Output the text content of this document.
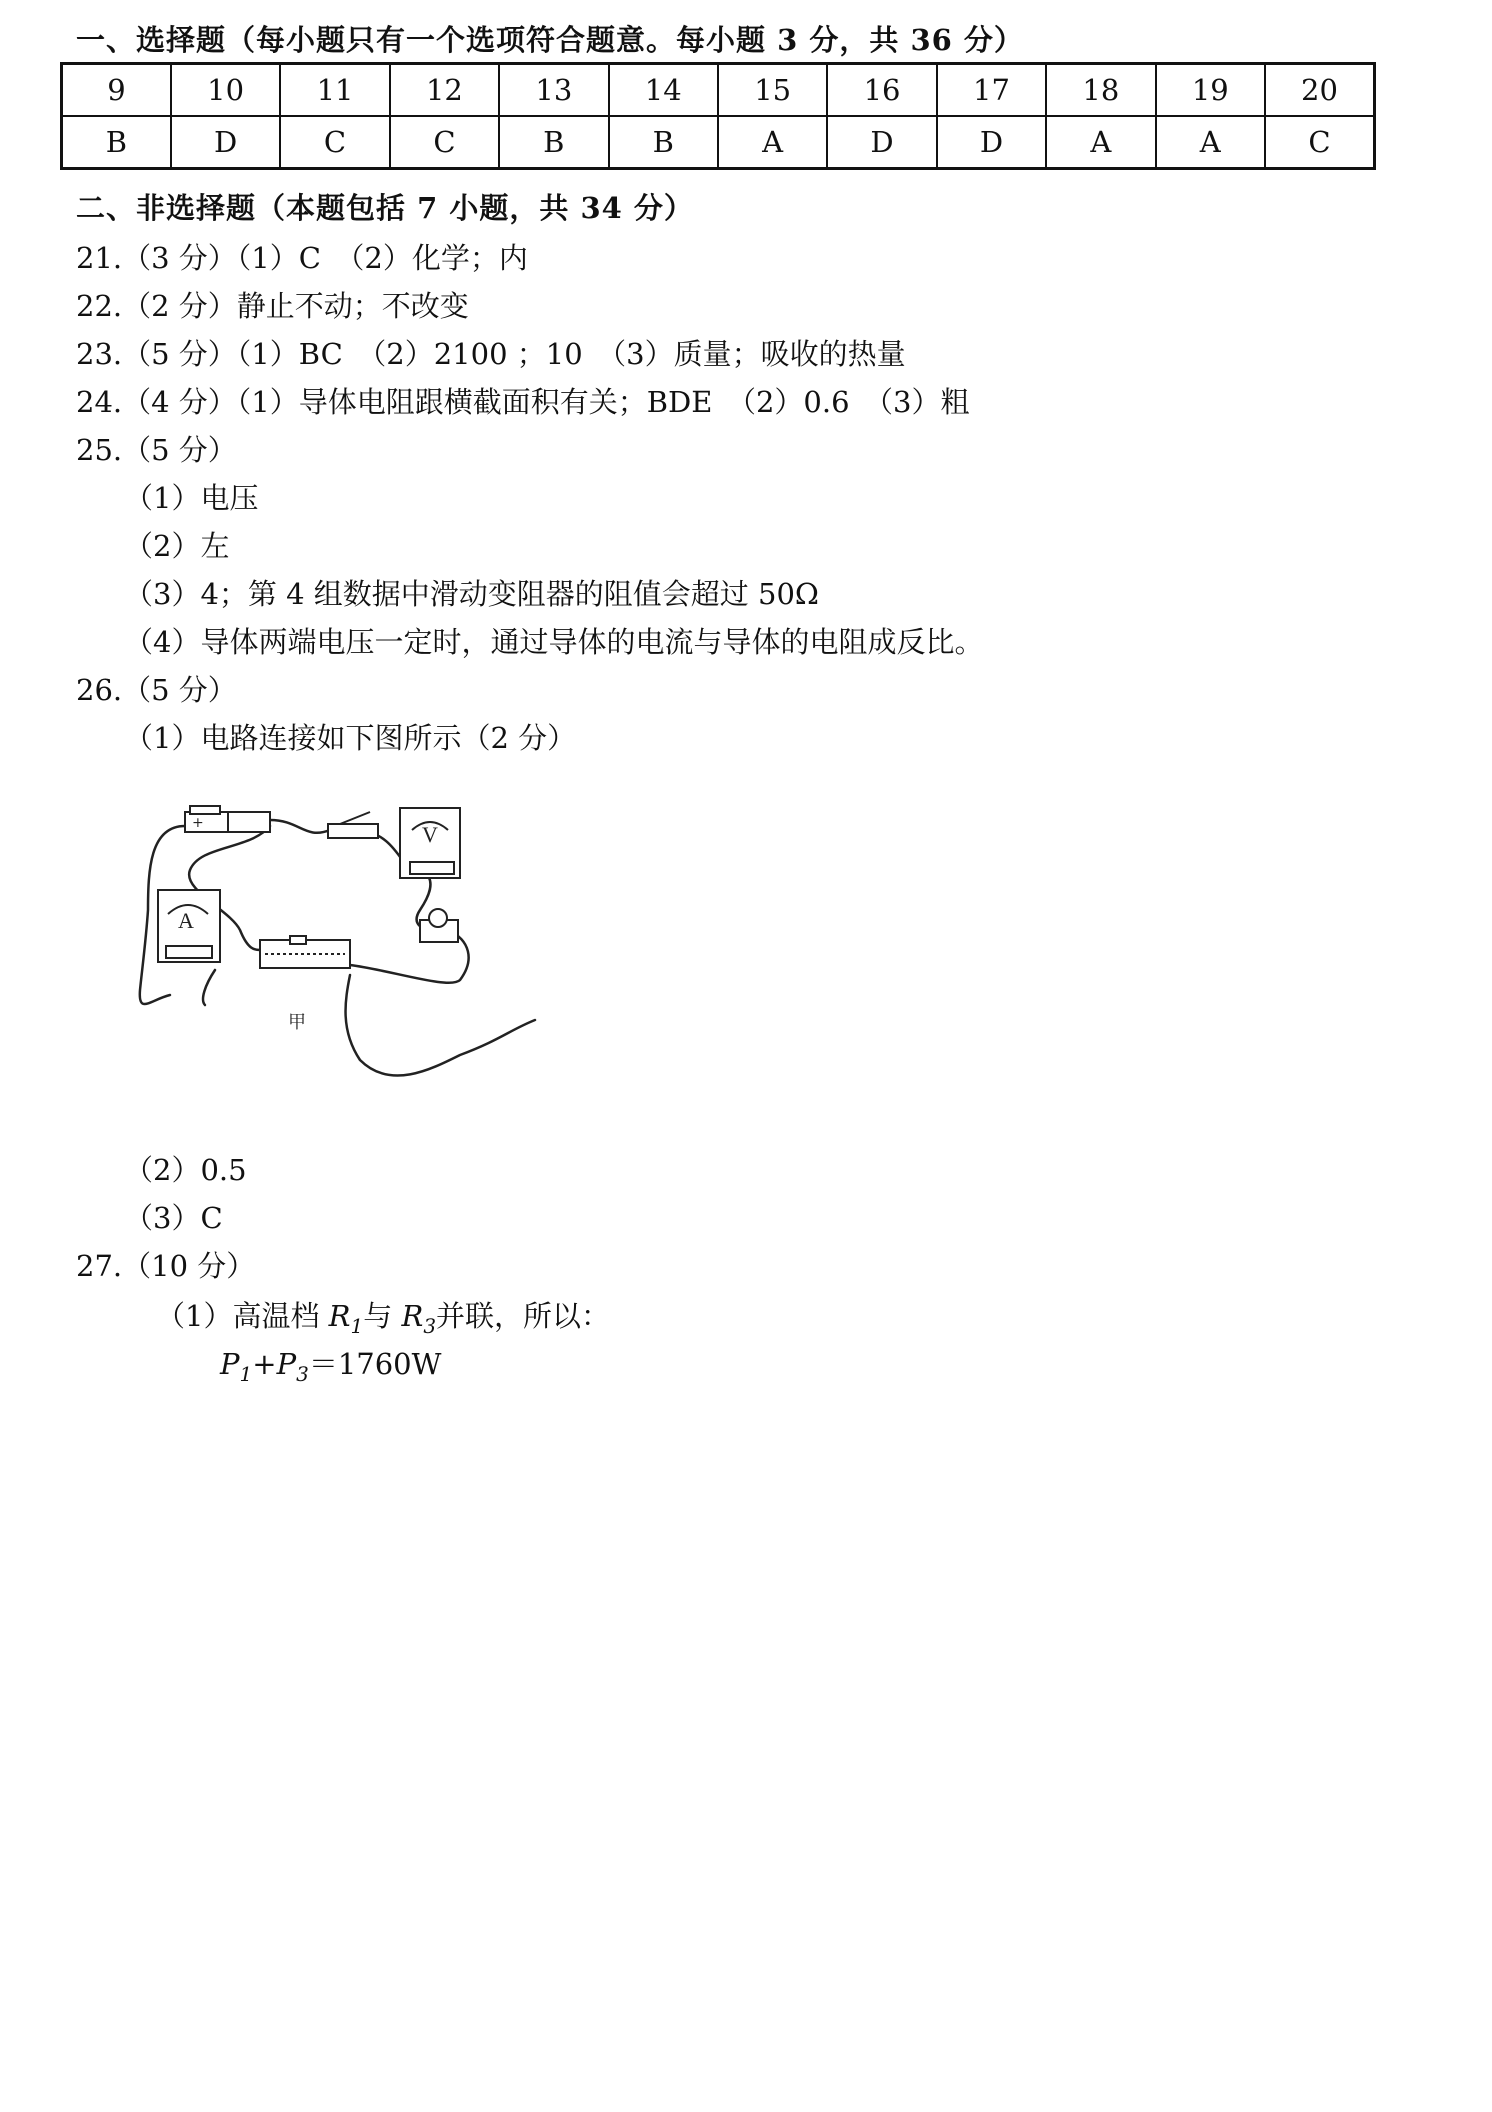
一、选择题（每小题只有一个选项符合题意。每小题 3 分，共 36 分）
9	10	11	12	13	14	15	16	17	18	19	20
B	D	C	C	B	B	A	D	D	A	A	C
二、非选择题（本题包括 7 小题，共 34 分）
21.（3 分）（1）C　（2）化学；内
22.（2 分）静止不动；不改变
23.（5 分）（1）BC　（2）2100 ；10　（3）质量；吸收的热量
24.（4 分）（1）导体电阻跟横截面积有关；BDE　（2）0.6　（3）粗
25.（5 分）
（1）电压
（2）左
（3）4；第 4 组数据中滑动变阻器的阻值会超过 50Ω
（4）导体两端电压一定时，通过导体的电流与导体的电阻成反比。
26.（5 分）
（1）电路连接如下图所示（2 分）
+	V
A
甲
（2）0.5
（3）C
27.（10 分）
（1）高温档 $R_1$与 $R_3$并联，所以：
$P_1+P_3=1760W$
